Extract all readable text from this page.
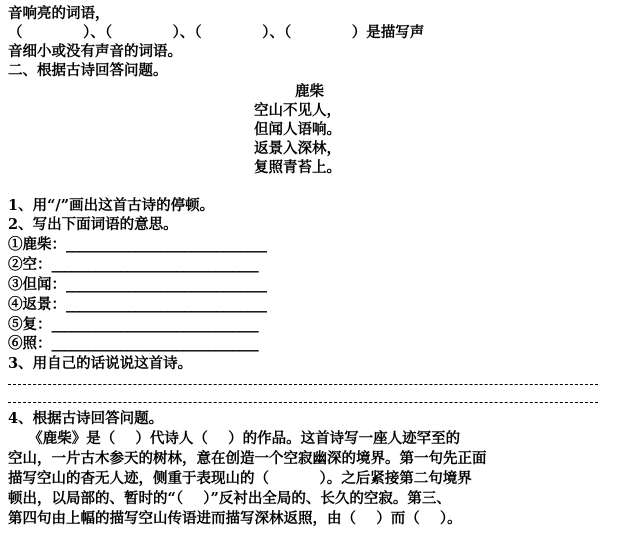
音响亮的词语，
（            ）、（            ）、（            ）、（            ）是描写声
音细小或没有声音的词语。
二、根据古诗回答问题。
鹿柴
空山不见人，
但闻人语响。
返景入深林，
复照青苔上。
1、用“/”画出这首古诗的停顿。
2、写出下面词语的意思。
①鹿柴：________________________________
②空：_________________________________
③但闻：________________________________
④返景：________________________________
⑤复：_________________________________
⑥照：_________________________________
3、用自己的话说说这首诗。
4、根据古诗回答问题。
《鹿柴》是（    ）代诗人（    ）的作品。这首诗写一座人迹罕至的
空山，一片古木参天的树林，意在创造一个空寂幽深的境界。第一句先正面
描写空山的杳无人迹，侧重于表现山的（          ）。之后紧接第二句境界
顿出，以局部的、暂时的“（    ）”反衬出全局的、长久的空寂。第三、
第四句由上幅的描写空山传语进而描写深林返照，由（    ）而（    ）。
